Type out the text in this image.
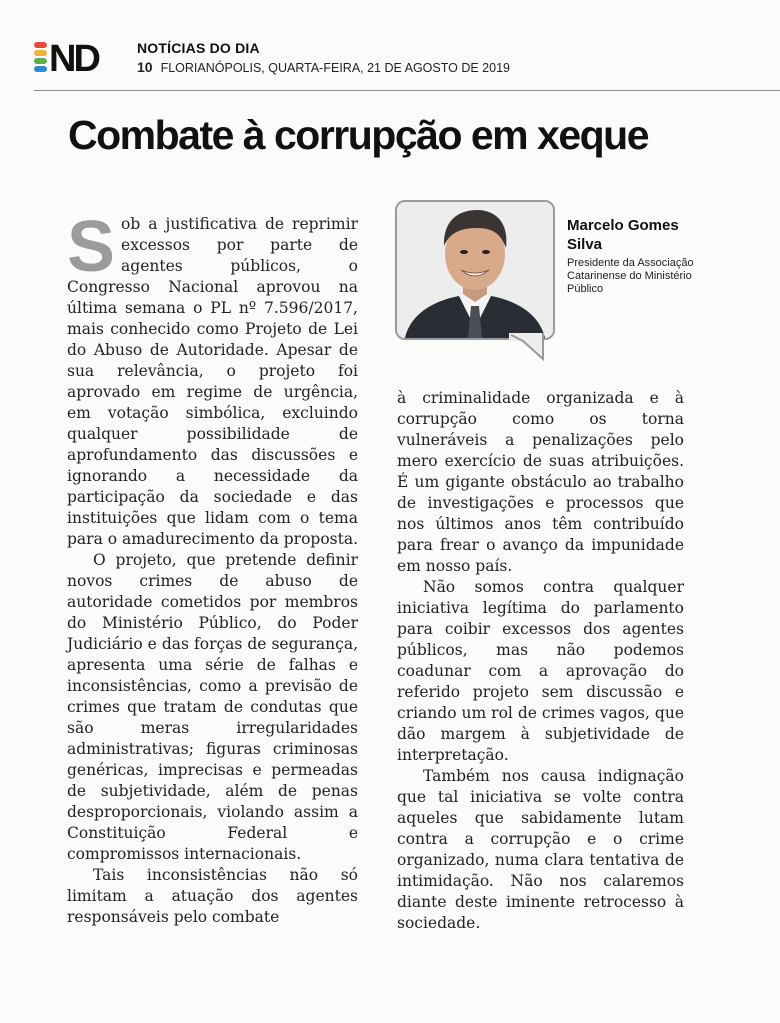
ND	NOTÍCIAS DO DIA
10 FLORIANÓPOLIS, QUARTA-FEIRA, 21 DE AGOSTO DE 2019
Combate à corrupção em xeque

Sob a justificativa de reprimir excessos por parte de agentes públicos, o Congresso Nacional aprovou na última semana o PL nº 7.596/2017, mais conhecido como Projeto de Lei do Abuso de Autoridade. Apesar de sua relevância, o projeto foi aprovado em regime de urgência, em votação simbólica, excluindo qualquer possibilidade de aprofundamento das discussões e ignorando a necessidade da participação da sociedade e das instituições que lidam com o tema para o amadurecimento da proposta.

O projeto, que pretende definir novos crimes de abuso de autoridade cometidos por membros do Ministério Público, do Poder Judiciário e das forças de segurança, apresenta uma série de falhas e inconsistências, como a previsão de crimes que tratam de condutas que são meras irregularidades administrativas; figuras criminosas genéricas, imprecisas e permeadas de subjetividade, além de penas desproporcionais, violando assim a Constituição Federal e compromissos internacionais.

Tais inconsistências não só limitam a atuação dos agentes responsáveis pelo combate

Marcelo Gomes
Silva

Presidente da Associação Catarinense do Ministério Público

à criminalidade organizada e à corrupção como os torna vulneráveis a penalizações pelo mero exercício de suas atribuições. É um gigante obstáculo ao trabalho de investigações e processos que nos últimos anos têm contribuído para frear o avanço da impunidade em nosso país.

Não somos contra qualquer iniciativa legítima do parlamento para coibir excessos dos agentes públicos, mas não podemos coadunar com a aprovação do referido projeto sem discussão e criando um rol de crimes vagos, que dão margem à subjetividade de interpretação.

Também nos causa indignação que tal iniciativa se volte contra aqueles que sabidamente lutam contra a corrupção e o crime organizado, numa clara tentativa de intimidação. Não nos calaremos diante deste iminente retrocesso à sociedade.
